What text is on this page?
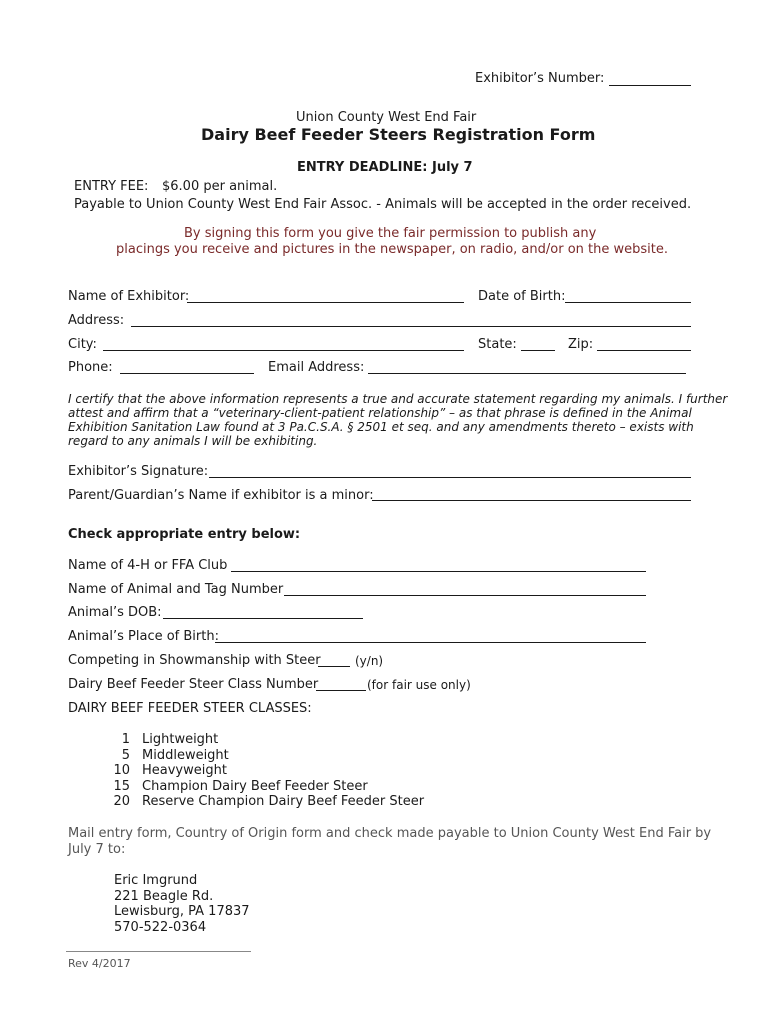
Exhibitor’s Number:
Union County West End Fair
Dairy Beef Feeder Steers Registration Form
ENTRY DEADLINE: July 7
ENTRY FEE: $6.00 per animal.
Payable to Union County West End Fair Assoc. - Animals will be accepted in the order received.
By signing this form you give the fair permission to publish any
placings you receive and pictures in the newspaper, on radio, and/or on the website.
Name of Exhibitor:	Date of Birth:
Address:
City:	State:	Zip:
Phone:	Email Address:
I certify that the above information represents a true and accurate statement regarding my animals. I further
attest and affirm that a “veterinary-client-patient relationship” – as that phrase is defined in the Animal
Exhibition Sanitation Law found at 3 Pa.C.S.A. § 2501 et seq. and any amendments thereto – exists with
regard to any animals I will be exhibiting.
Exhibitor’s Signature:
Parent/Guardian’s Name if exhibitor is a minor:
Check appropriate entry below:
Name of 4-H or FFA Club
Name of Animal and Tag Number
Animal’s DOB:
Animal’s Place of Birth:
Competing in Showmanship with Steer	(y/n)
Dairy Beef Feeder Steer Class Number	(for fair use only)
DAIRY BEEF FEEDER STEER CLASSES:
1 Lightweight
5 Middleweight
10 Heavyweight
15 Champion Dairy Beef Feeder Steer
20 Reserve Champion Dairy Beef Feeder Steer
Mail entry form, Country of Origin form and check made payable to Union County West End Fair by
July 7 to:
Eric Imgrund
221 Beagle Rd.
Lewisburg, PA 17837
570-522-0364
Rev 4/2017
